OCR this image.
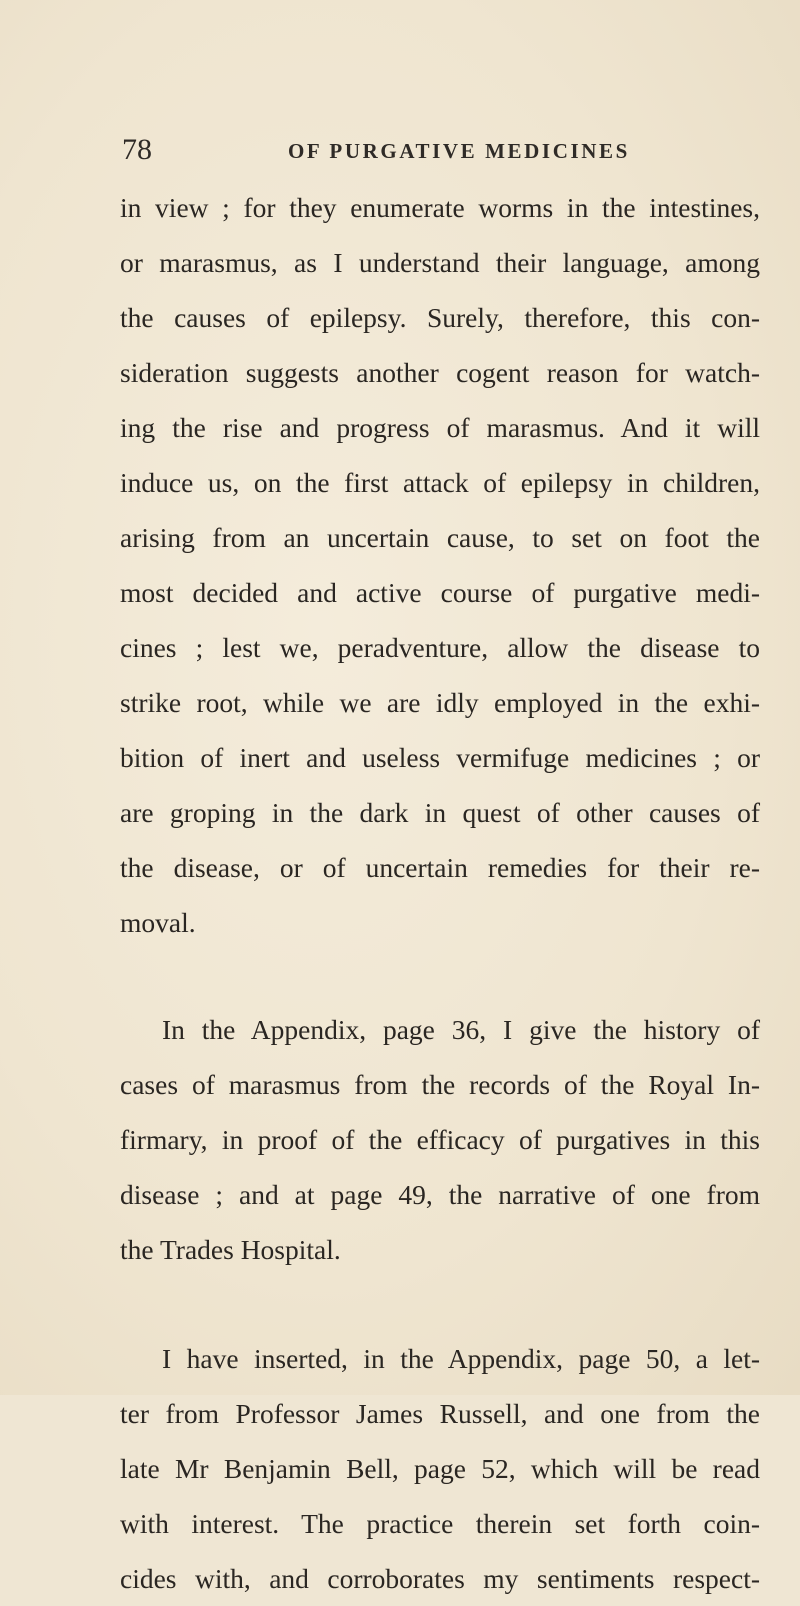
78	OF PURGATIVE MEDICINES
in view ; for they enumerate worms in the intestines,
or marasmus, as I understand their language, among
the causes of epilepsy. Surely, therefore, this con-
sideration suggests another cogent reason for watch-
ing the rise and progress of marasmus. And it will
induce us, on the first attack of epilepsy in children,
arising from an uncertain cause, to set on foot the
most decided and active course of purgative medi-
cines ; lest we, peradventure, allow the disease to
strike root, while we are idly employed in the exhi-
bition of inert and useless vermifuge medicines ; or
are groping in the dark in quest of other causes of
the disease, or of uncertain remedies for their re-
moval.
In the Appendix, page 36, I give the history of
cases of marasmus from the records of the Royal In-
firmary, in proof of the efficacy of purgatives in this
disease ; and at page 49, the narrative of one from
the Trades Hospital.
I have inserted, in the Appendix, page 50, a let-
ter from Professor James Russell, and one from the
late Mr Benjamin Bell, page 52, which will be read
with interest. The practice therein set forth coin-
cides with, and corroborates my sentiments respect-
